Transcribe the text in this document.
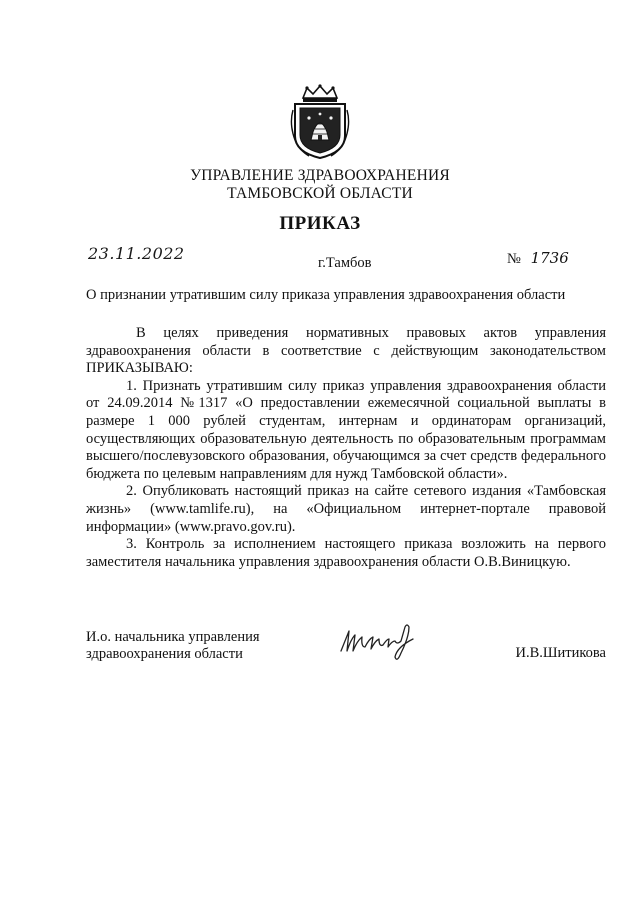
УПРАВЛЕНИЕ ЗДРАВООХРАНЕНИЯ
ТАМБОВСКОЙ ОБЛАСТИ
ПРИКАЗ
23.11.2022	г.Тамбов	№ 1736
О признании утратившим силу приказа управления здравоохранения области

В целях приведения нормативных правовых актов управления здравоохранения области в соответствие с действующим законодательством ПРИКАЗЫВАЮ:

1. Признать утратившим силу приказ управления здравоохранения области от 24.09.2014 №1317 «О предоставлении ежемесячной социальной выплаты в размере 1 000 рублей студентам, интернам и ординаторам организаций, осуществляющих образовательную деятельность по образовательным программам высшего/послевузовского образования, обучающимся за счет средств федерального бюджета по целевым направлениям для нужд Тамбовской области».

2. Опубликовать настоящий приказ на сайте сетевого издания «Тамбовская жизнь» (www.tamlife.ru), на «Официальном интернет-портале правовой информации» (www.pravo.gov.ru).

3. Контроль за исполнением настоящего приказа возложить на первого заместителя начальника управления здравоохранения области О.В.Виницкую.

И.о. начальника управления
здравоохранения области	И.В.Шитикова
